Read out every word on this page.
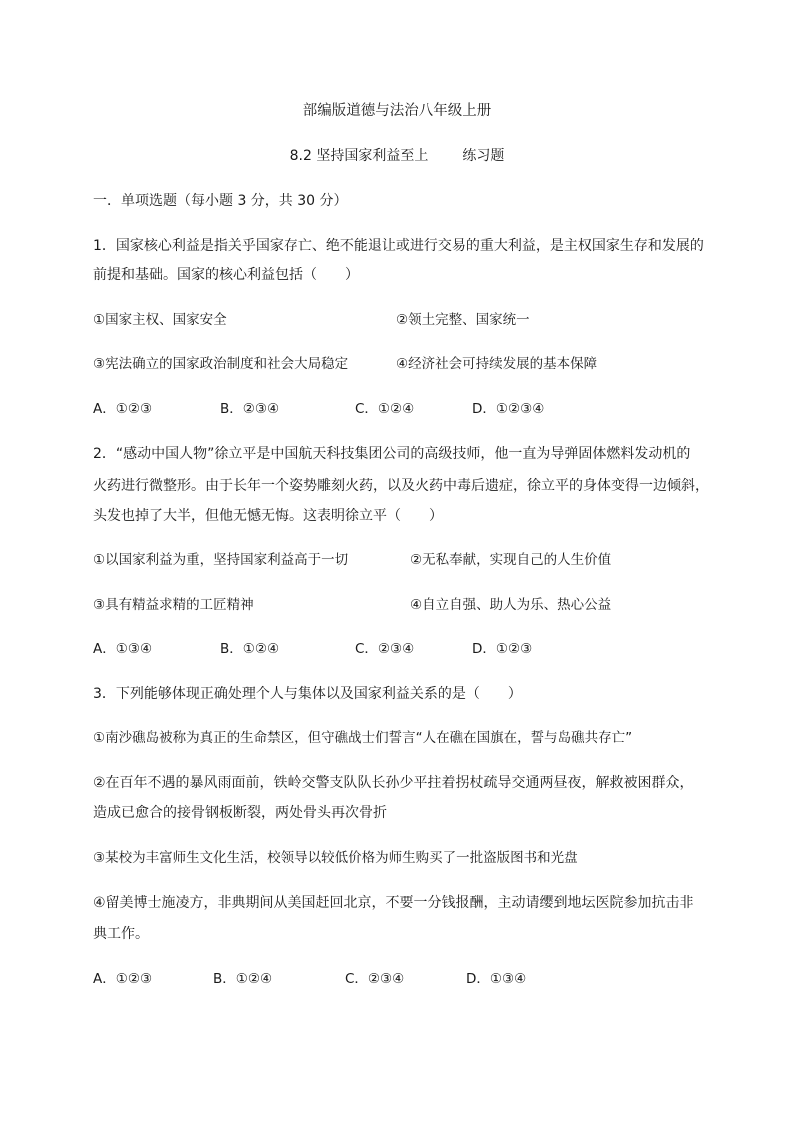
部编版道德与法治八年级上册
8.2 坚持国家利益至上 练习题
一．单项选题（每小题 3 分，共 30 分）
1．国家核心利益是指关乎国家存亡、绝不能退让或进行交易的重大利益，是主权国家生存和发展的
前提和基础。国家的核心利益包括（　　）
①国家主权、国家安全	②领土完整、国家统一
③宪法确立的国家政治制度和社会大局稳定	④经济社会可持续发展的基本保障
A．①②③	B．②③④	C．①②④	D．①②③④
2．“感动中国人物”徐立平是中国航天科技集团公司的高级技师，他一直为导弹固体燃料发动机的
火药进行微整形。由于长年一个姿势雕刻火药，以及火药中毒后遗症，徐立平的身体变得一边倾斜，
头发也掉了大半，但他无憾无悔。这表明徐立平（　　）
①以国家利益为重，坚持国家利益高于一切	②无私奉献，实现自己的人生价值
③具有精益求精的工匠精神	④自立自强、助人为乐、热心公益
A．①③④	B．①②④	C．②③④	D．①②③
3．下列能够体现正确处理个人与集体以及国家利益关系的是（　　）
①南沙礁岛被称为真正的生命禁区，但守礁战士们誓言“人在礁在国旗在，誓与岛礁共存亡”
②在百年不遇的暴风雨面前，铁岭交警支队队长孙少平拄着拐杖疏导交通两昼夜，解救被困群众，
造成已愈合的接骨钢板断裂，两处骨头再次骨折
③某校为丰富师生文化生活，校领导以较低价格为师生购买了一批盗版图书和光盘
④留美博士施凌方，非典期间从美国赶回北京，不要一分钱报酬，主动请缨到地坛医院参加抗击非
典工作。
A．①②③	B．①②④	C．②③④	D．①③④
